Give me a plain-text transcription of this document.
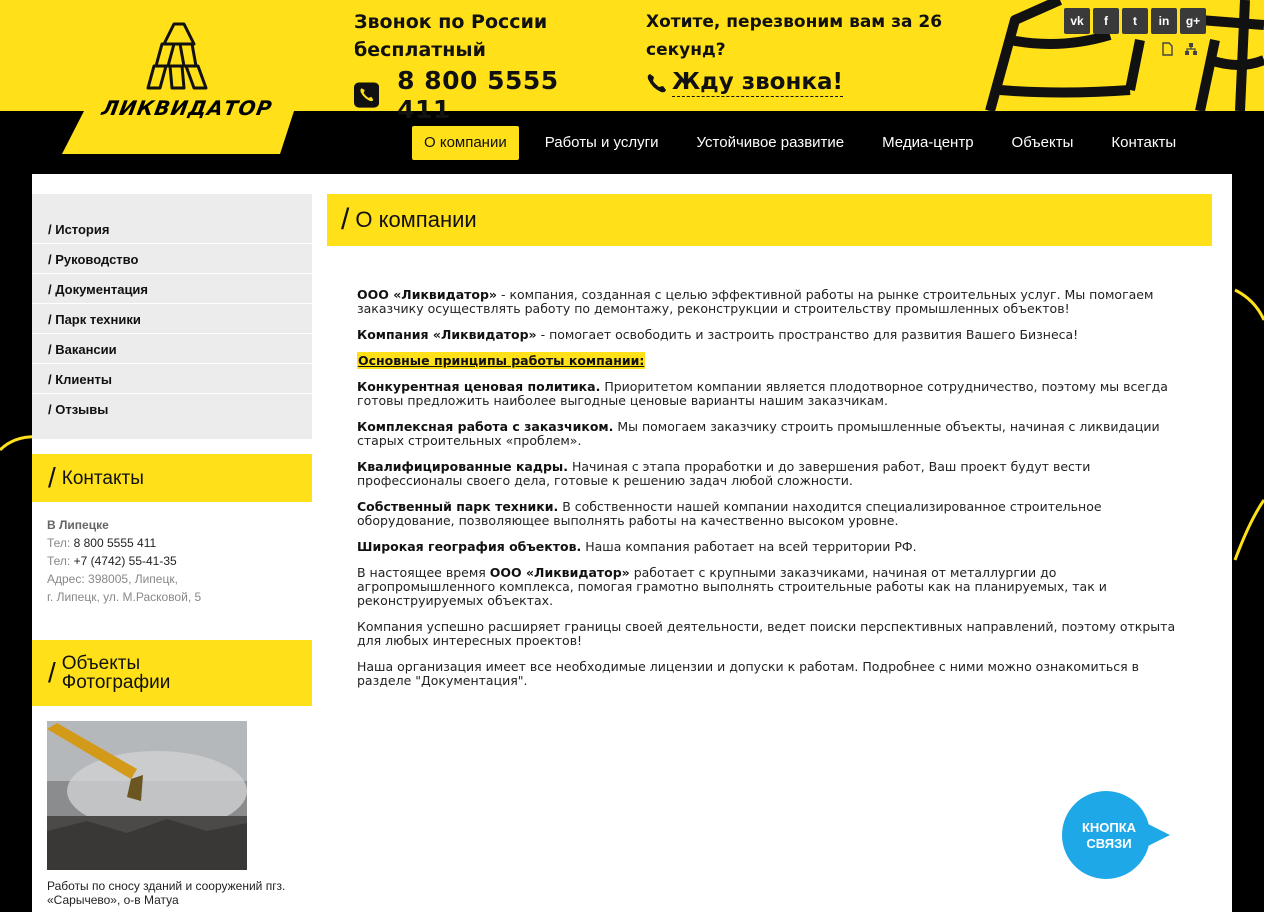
ЛИКВИДАТОР
Звонок по России бесплатный
8 800 5555 411
Хотите, перезвоним вам за 26 секунд?
Жду звонка!
vk	f	t	in	g+
О компании	Работы и услуги	Устойчивое развитие	Медиа-центр	Объекты	Контакты
/ История
/ Руководство
/ Документация
/ Парк техники
/ Вакансии
/ Клиенты
/ Отзывы
/ Контакты
В Липецке
Тел: 8 800 5555 411
Тел: +7 (4742) 55-41-35
Адрес: 398005, Липецк,
г. Липецк, ул. М.Расковой, 5
/ Объекты
Фотографии
Работы по сносу зданий и сооружений пгз. «Сарычево», о-в Матуа
/ О компании

ООО «Ликвидатор» - компания, созданная с целью эффективной работы на рынке строительных услуг. Мы помогаем заказчику осуществлять работу по демонтажу, реконструкции и строительству промышленных объектов!

Компания «Ликвидатор» - помогает освободить и застроить пространство для развития Вашего Бизнеса!

Основные принципы работы компании:

Конкурентная ценовая политика. Приоритетом компании является плодотворное сотрудничество, поэтому мы всегда готовы предложить наиболее выгодные ценовые варианты нашим заказчикам.

Комплексная работа с заказчиком. Мы помогаем заказчику строить промышленные объекты, начиная с ликвидации старых строительных «проблем».

Квалифицированные кадры. Начиная с этапа проработки и до завершения работ, Ваш проект будут вести профессионалы своего дела, готовые к решению задач любой сложности.

Собственный парк техники. В собственности нашей компании находится специализированное строительное оборудование, позволяющее выполнять работы на качественно высоком уровне.

Широкая география объектов. Наша компания работает на всей территории РФ.

В настоящее время ООО «Ликвидатор» работает с крупными заказчиками, начиная от металлургии до агропромышленного комплекса, помогая грамотно выполнять строительные работы как на планируемых, так и реконструируемых объектах.

Компания успешно расширяет границы своей деятельности, ведет поиски перспективных направлений, поэтому открыта для любых интересных проектов!

Наша организация имеет все необходимые лицензии и допуски к работам. Подробнее с ними можно ознакомиться в разделе "Документация".

КНОПКА
СВЯЗИ
